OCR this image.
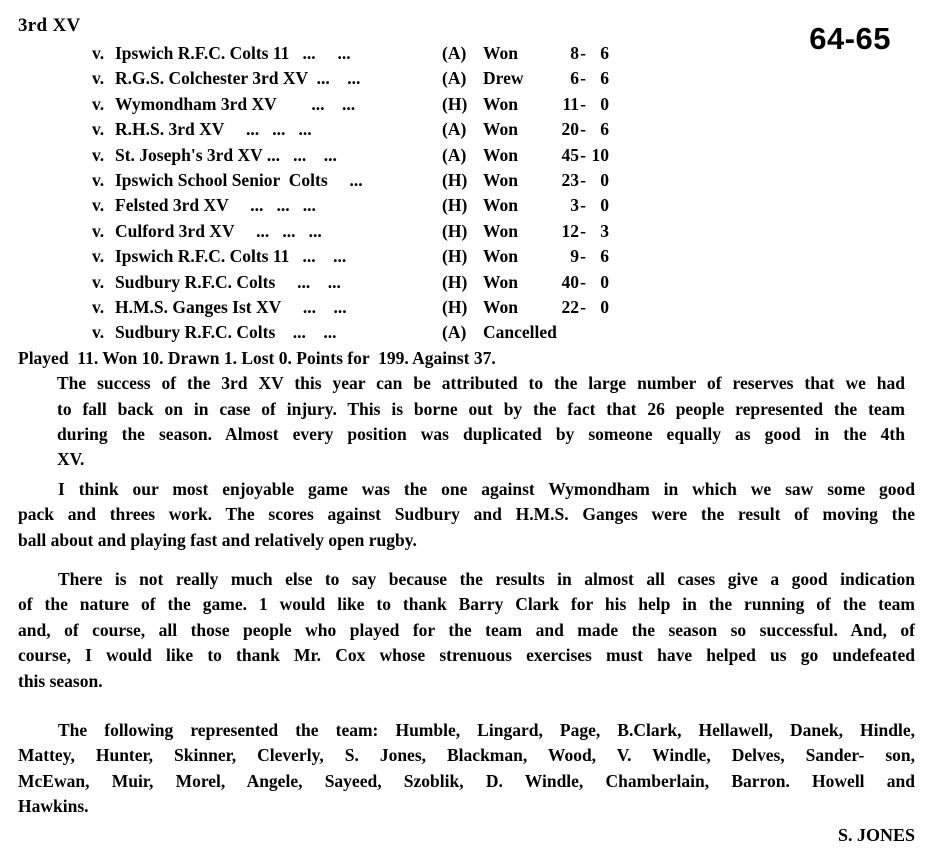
3rd XV	64-65
v. Ipswich R.F.C. Colts 11   ...     ...	(A) Won	8 - 6
v. R.G.S. Colchester 3rd XV  ...    ...	(A) Drew	6 - 6
v. Wymondham 3rd XV        ...    ...	(H) Won	11 - 0
v. R.H.S. 3rd XV     ...   ...   ...	(A) Won	20 - 6
v. St. Joseph's 3rd XV ...   ...    ...	(A) Won	45 - 10
v. Ipswich School Senior  Colts     ...	(H) Won	23 - 0
v. Felsted 3rd XV     ...   ...   ...	(H) Won	3 - 0
v. Culford 3rd XV     ...   ...   ...	(H) Won	12 - 3
v. Ipswich R.F.C. Colts 11   ...    ...	(H) Won	9 - 6
v. Sudbury R.F.C. Colts     ...    ...	(H) Won	40 - 0
v. H.M.S. Ganges Ist XV     ...    ...	(H) Won	22 - 0
v. Sudbury R.F.C. Colts    ...    ...	(A) Cancelled
Played  11. Won 10. Drawn 1. Lost 0. Points for  199. Against 37.
The success of the 3rd XV this year can be attributed to the large number of reserves that we had
to fall back on in case of injury. This is borne out by the fact that 26 people represented the team
during the season. Almost every position was duplicated by someone equally as good in the 4th
XV.
I think our most enjoyable game was the one against Wymondham in which we saw some good
pack and threes work. The scores against Sudbury and H.M.S. Ganges were the result of moving the
ball about and playing fast and relatively open rugby.
There is not really much else to say because the results in almost all cases give a good indication
of the nature of the game. 1 would like to thank Barry Clark for his help in the running of the team
and, of course, all those people who played for the team and made the season so successful. And, of
course, I would like to thank Mr. Cox whose strenuous exercises must have helped us go undefeated
this season.
The following represented the team: Humble, Lingard, Page, B.Clark, Hellawell, Danek, Hindle,
Mattey, Hunter, Skinner, Cleverly, S. Jones, Blackman, Wood, V. Windle, Delves, Sander- son,
McEwan, Muir, Morel, Angele, Sayeed, Szoblik, D. Windle, Chamberlain, Barron. Howell and
Hawkins.
S. JONES
